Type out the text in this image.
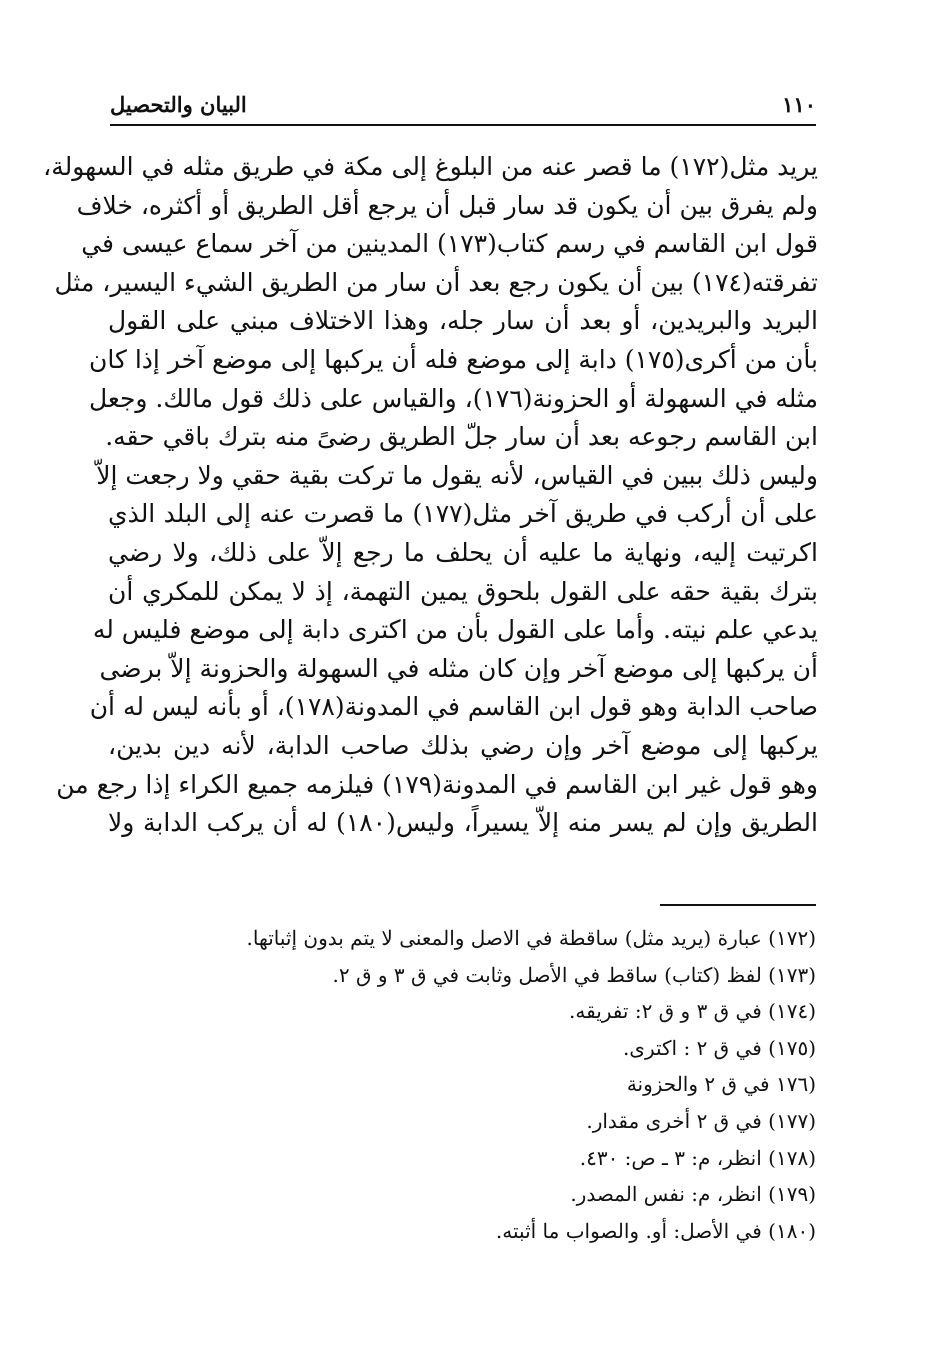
١١٠
البيان والتحصيل
يريد مثل(١٧٢) ما قصر عنه من البلوغ إلى مكة في طريق مثله في السهولة،
ولم يفرق بين أن يكون قد سار قبل أن يرجع أقل الطريق أو أكثره، خلاف
قول ابن القاسم في رسم كتاب(١٧٣) المدينين من آخر سماع عيسى في
تفرقته(١٧٤) بين أن يكون رجع بعد أن سار من الطريق الشيء اليسير، مثل
البريد والبريدين، أو بعد أن سار جله، وهذا الاختلاف مبني على القول
بأن من أكرى(١٧٥) دابة إلى موضع فله أن يركبها إلى موضع آخر إذا كان
مثله في السهولة أو الحزونة(١٧٦)، والقياس على ذلك قول مالك. وجعل
ابن القاسم رجوعه بعد أن سار جلّ الطريق رضىً منه بترك باقي حقه.
وليس ذلك ببين في القياس، لأنه يقول ما تركت بقية حقي ولا رجعت إلاّ
على أن أركب في طريق آخر مثل(١٧٧) ما قصرت عنه إلى البلد الذي
اكرتيت إليه، ونهاية ما عليه أن يحلف ما رجع إلاّ على ذلك، ولا رضي
بترك بقية حقه على القول بلحوق يمين التهمة، إذ لا يمكن للمكري أن
يدعي علم نيته. وأما على القول بأن من اكترى دابة إلى موضع فليس له
أن يركبها إلى موضع آخر وإن كان مثله في السهولة والحزونة إلاّ برضى
صاحب الدابة وهو قول ابن القاسم في المدونة(١٧٨)، أو بأنه ليس له أن
يركبها إلى موضع آخر وإن رضي بذلك صاحب الدابة، لأنه دين بدين،
وهو قول غير ابن القاسم في المدونة(١٧٩) فيلزمه جميع الكراء إذا رجع من
الطريق وإن لم يسر منه إلاّ يسيراً، وليس(١٨٠) له أن يركب الدابة ولا
(١٧٢) عبارة (يريد مثل) ساقطة في الاصل والمعنى لا يتم بدون إثباتها.
(١٧٣) لفظ (كتاب) ساقط في الأصل وثابت في ق ٣ و ق ٢.
(١٧٤) في ق ٣ و ق ٢: تفريقه.
(١٧٥) في ق ٢ : اكترى.
(١٧٦ في ق ٢ والحزونة
(١٧٧) في ق ٢ أخرى مقدار.
(١٧٨) انظر، م: ٣ ـ ص: ٤٣٠.
(١٧٩) انظر، م: نفس المصدر.
(١٨٠) في الأصل: أو. والصواب ما أثبته.
